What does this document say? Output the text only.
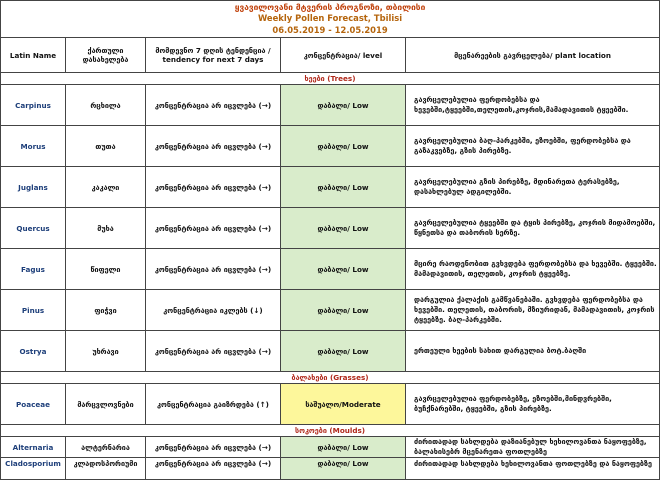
ყვავილოვანი მტვერის პროგნოზი, თბილისი
Weekly Pollen Forecast, Tbilisi
06.05.2019 - 12.05.2019				

Latin Name	ქართული დასახელება	მომდევნო 7 დღის ტენდენცია / tendency for next 7 days	კონცენტრაცია/ level	მცენარეების გავრცელება/ plant location
ხეები (Trees)				
Carpinus	რცხილა	კონცენტრაცია არ იცვლება (→)	დაბალი/ Low	გავრცელებულია ფერდობებსა და ხევებში,ტყეებში,თელეთის,კოჯრის,მამადავითის ტყეებში.
Morus	თუთა	კონცენტრაცია არ იცვლება (→)	დაბალი/ Low	გავრცელებულია ბაღ-პარკებში, ეზოებში, ფერდობებსა და გაზაკვებზე, გზის პირებზე.
Juglans	კაკალი	კონცენტრაცია არ იცვლება (→)	დაბალი/ Low	გავრცელებულია გზის პირებზე, მდინარეთა ტერასებზე, დასახლებულ ადგილებში.
Quercus	მუხა	კონცენტრაცია არ იცვლება (→)	დაბალი/ Low	გავრცელებულია ტყეებში და ტყის პირებზე, კოჯრის მიდამოებში, წყნეთსა და თაბორის სერზე.
Fagus	წიფელი	კონცენტრაცია არ იცვლება (→)	დაბალი/ Low	მცირე რაოდენობით გვხვდება ფერდობებსა და ხევებში. ტყეებში. მამადავითის, თელეთის, კოჯრის ტყეებზე.
Pinus	ფიჭვი	კონცენტრაცია იკლებს (↓)	დაბალი/ Low	დარგულია ქალაქის გამწვანებაში. გვხვდება ფერდობებსა და ხევებში. თელეთის, თაბორის, მზიურიდან, მამადავითის, კოჯრის ტყეებზე. ბაღ-პარკებში.
Ostrya	უხრავი	კონცენტრაცია არ იცვლება (→)	დაბალი/ Low	ერთეული ხეების სახით დარგულია ბოტ.ბაღში
ბალახები (Grasses)				
Poaceae	მარცვლოვნები	კონცენტრაცია გაიზრდება (↑)	საშუალო/Moderate	გავრცელებულია ფერდობებზე, ეზოებში,მინდვრებში, ბუჩქნარებში, ტყეებში, გზის პირებზე.
სოკოები (Moulds)				
Alternaria	ალტერნარია	კონცენტრაცია არ იცვლება (→)	დაბალი/ Low	ძირითადად სახლდება დაზიანებულ ხეხილოვანთა ნაყოფებზე, ბალახისებრ მცენარეთა ფოთლებზე
Cladosporium	კლადოსპორიუმი	კონცენტრაცია არ იცვლება (→)	დაბალი/ Low	ძირითადად სახლდება ხეხილოვანთა ფოთლებზე და ნაყოფებზე
